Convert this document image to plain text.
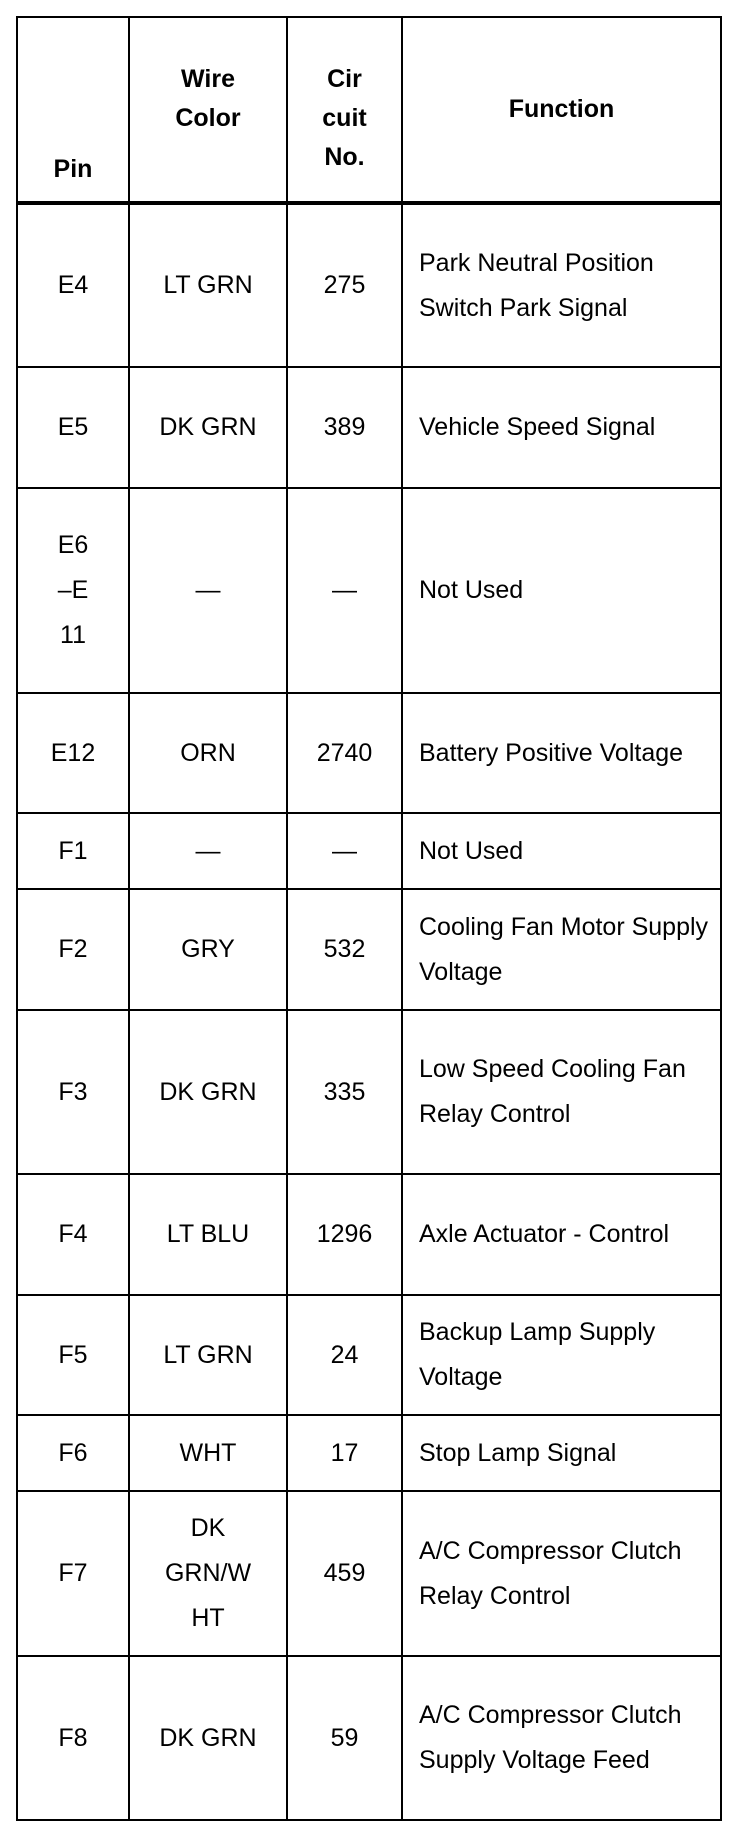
Pin	Wire Color	Cir cuit No.	Function
E4	LT GRN	275	Park Neutral Position Switch Park Signal
E5	DK GRN	389	Vehicle Speed Signal

E6 –E 11	—	—	Not Used
E12	ORN	2740	Battery Positive Voltage
F1	—	—	Not Used
F2	GRY	532	Cooling Fan Motor Supply Voltage
F3	DK GRN	335	Low Speed Cooling Fan Relay Control
F4	LT BLU	1296	Axle Actuator - Control
F5	LT GRN	24	Backup Lamp Supply Voltage
F6	WHT	17	Stop Lamp Signal
F7	DK GRN/W HT	459	A/C Compressor Clutch Relay Control
F8	DK GRN	59	A/C Compressor Clutch Supply Voltage Feed
